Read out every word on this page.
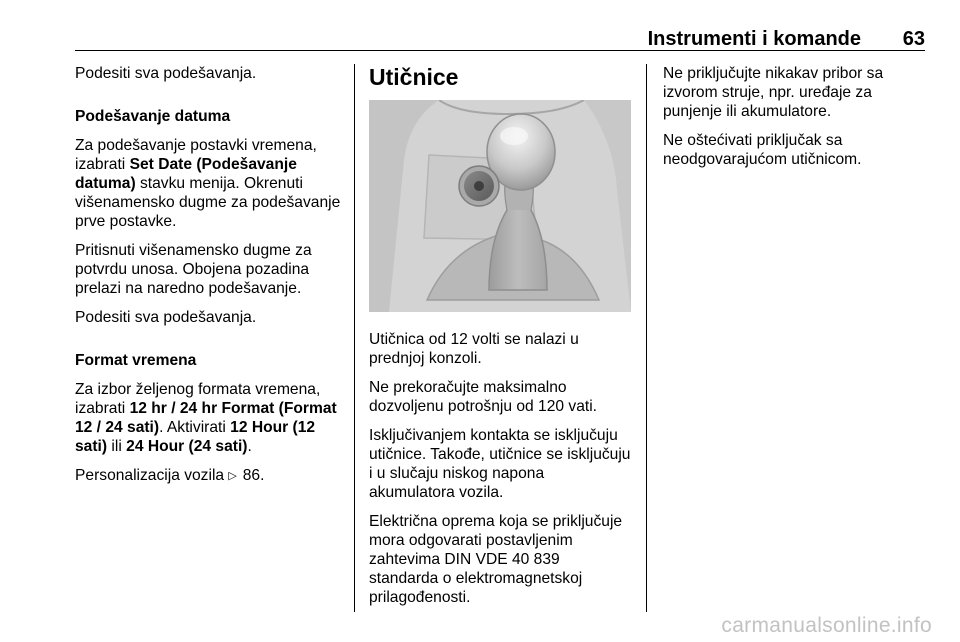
Instrumenti i komande 63

Podesiti sva podešavanja.

Podešavanje datuma

Za podešavanje postavki vremena, izabrati Set Date (Podešavanje datuma) stavku menija. Okrenuti višenamensko dugme za podešavanje prve postavke.

Pritisnuti višenamensko dugme za potvrdu unosa. Obojena pozadina prelazi na naredno podešavanje.

Podesiti sva podešavanja.

Format vremena

Za izbor željenog formata vremena, izabrati 12 hr / 24 hr Format (Format 12 / 24 sati). Aktivirati 12 Hour (12 sati) ili 24 Hour (24 sati).

Personalizacija vozila ▷ 86.

Utičnice

Utičnica od 12 volti se nalazi u prednjoj konzoli.

Ne prekoračujte maksimalno dozvoljenu potrošnju od 120 vati.

Isključivanjem kontakta se isključuju utičnice. Takođe, utičnice se isključuju i u slučaju niskog napona akumulatora vozila.

Električna oprema koja se priključuje mora odgovarati postavljenim zahtevima DIN VDE 40 839 standarda o elektromagnetskoj prilagođenosti.

Ne priključujte nikakav pribor sa izvorom struje, npr. uređaje za punjenje ili akumulatore.

Ne oštećivati priključak sa neodgovarajućom utičnicom.

carmanualsonline.info
